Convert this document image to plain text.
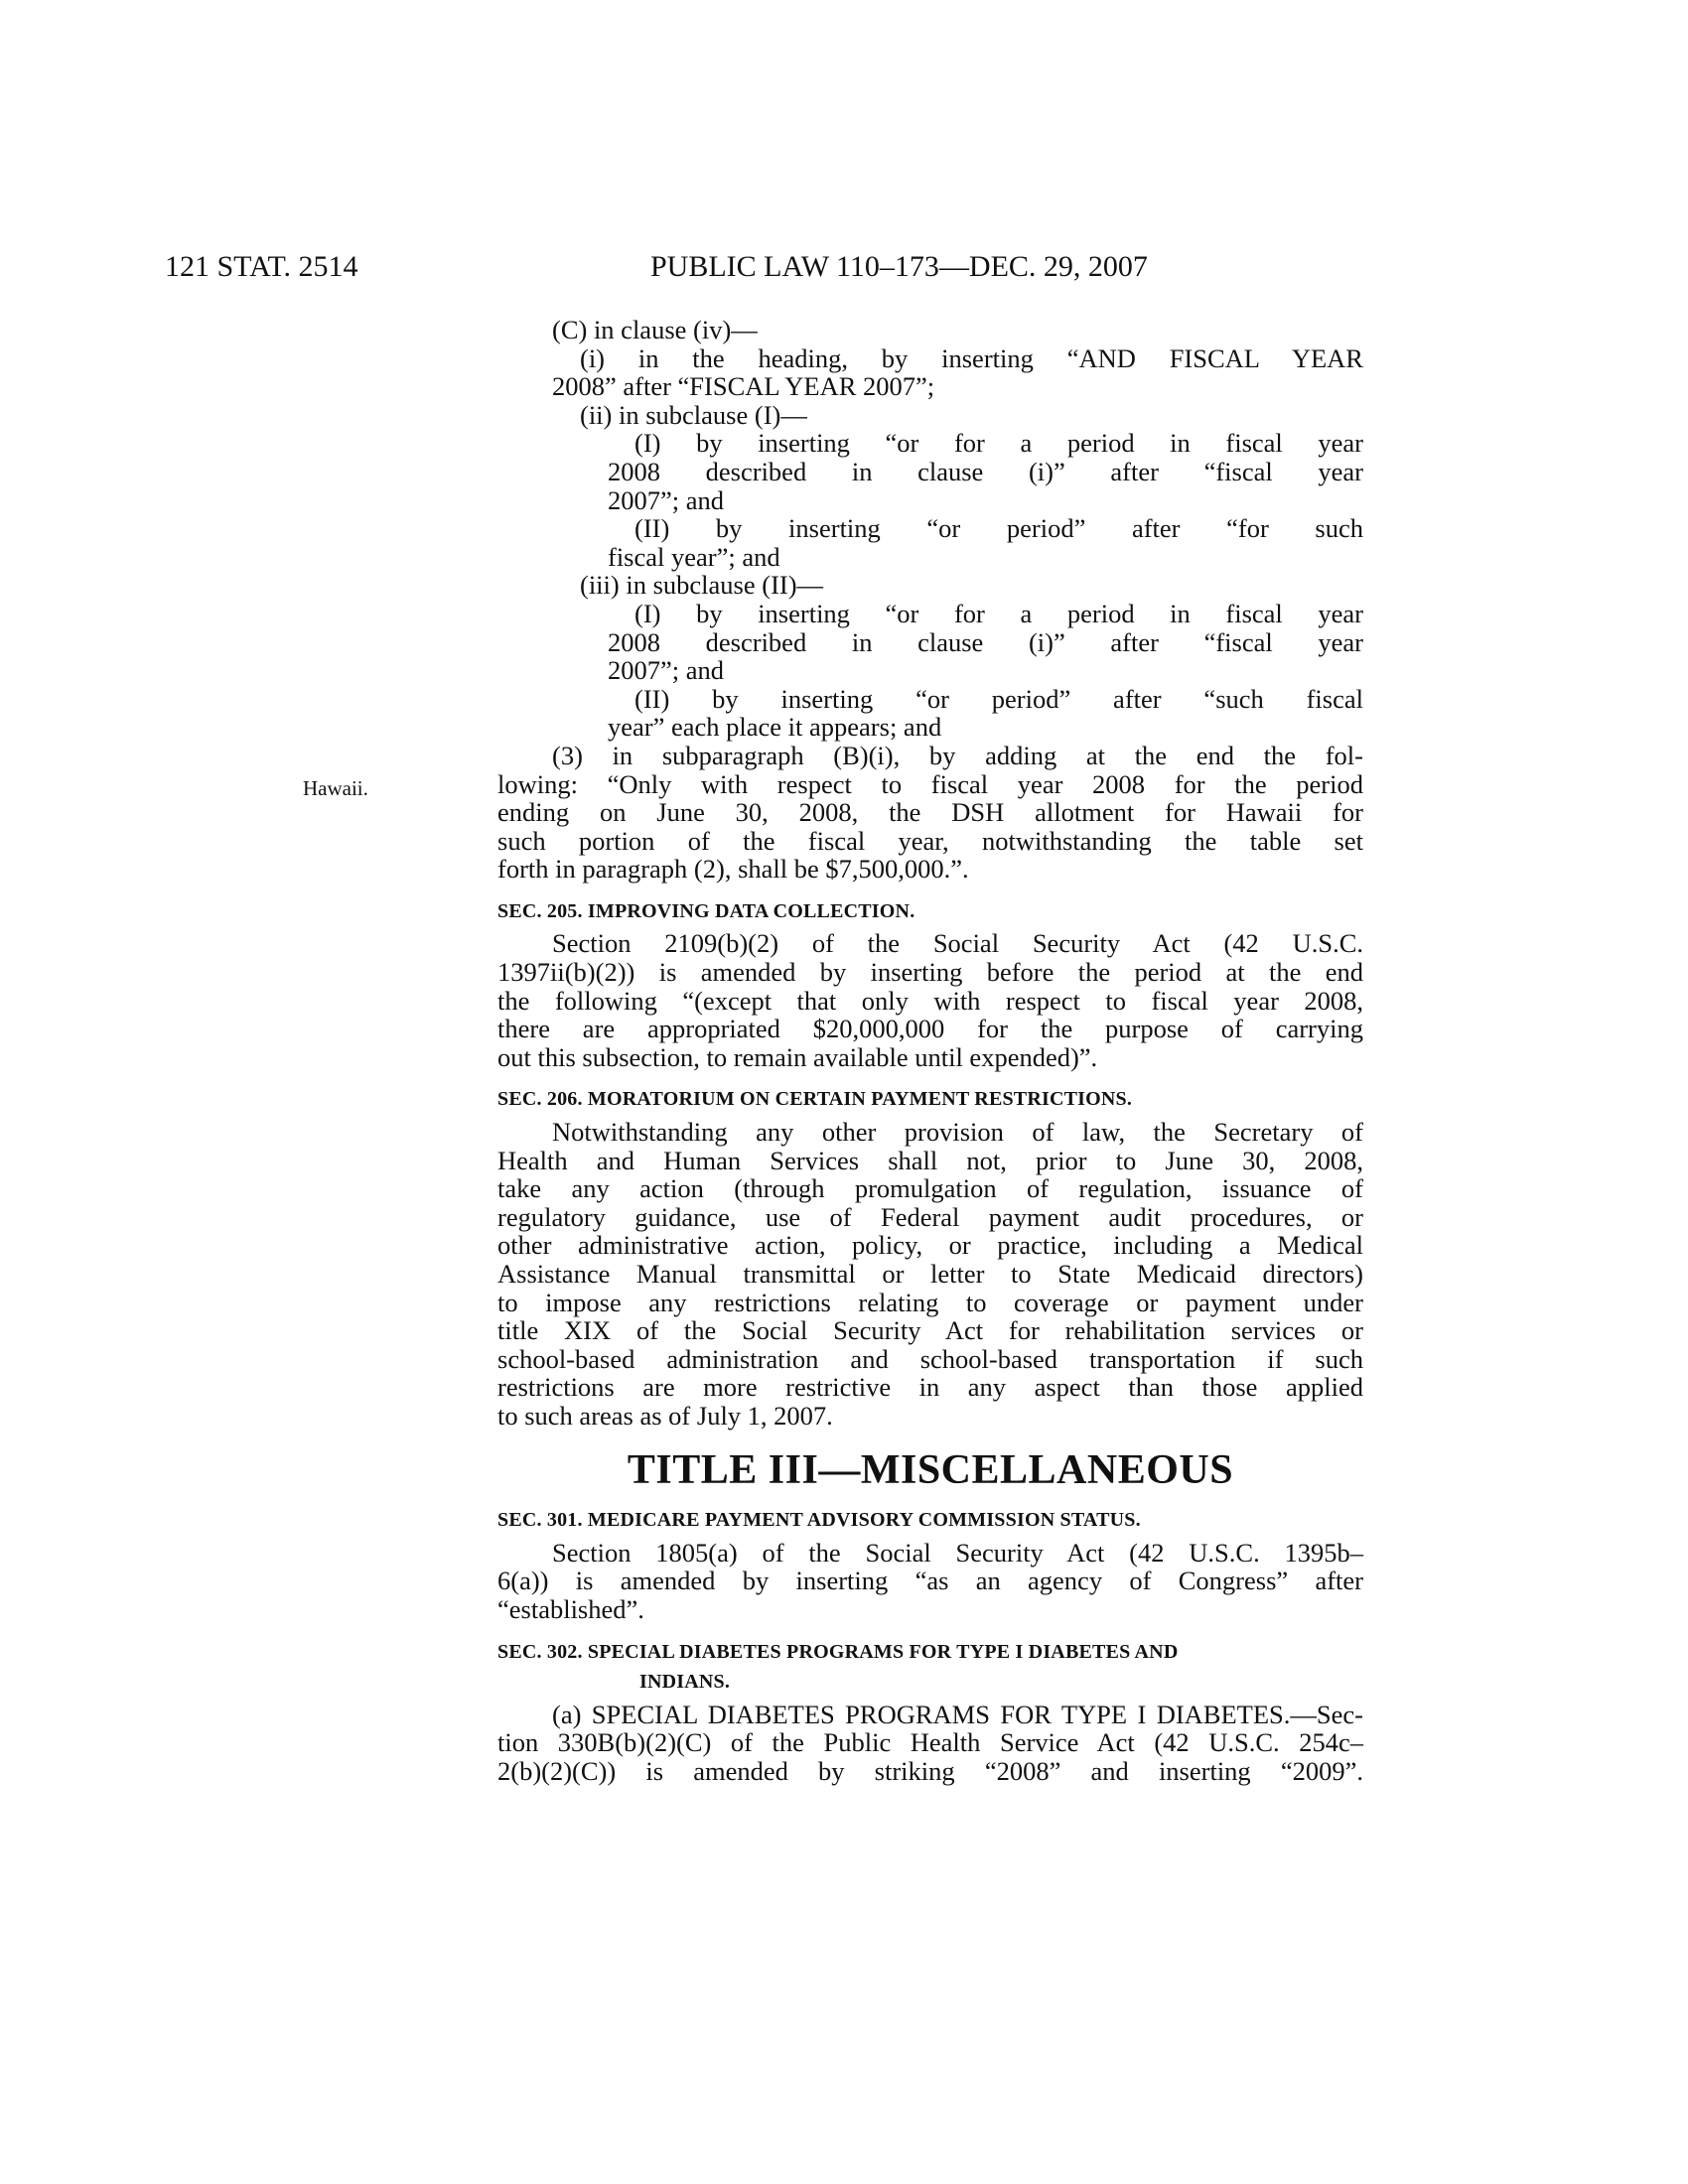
121 STAT. 2514	PUBLIC LAW 110–173—DEC. 29, 2007
Hawaii.
(C) in clause (iv)—
(i) in the heading, by inserting “AND FISCAL YEAR
2008” after “FISCAL YEAR 2007”;
(ii) in subclause (I)—
(I) by inserting “or for a period in fiscal year
2008 described in clause (i)” after “fiscal year
2007”; and
(II) by inserting “or period” after “for such
fiscal year”; and
(iii) in subclause (II)—
(I) by inserting “or for a period in fiscal year
2008 described in clause (i)” after “fiscal year
2007”; and
(II) by inserting “or period” after “such fiscal
year” each place it appears; and
(3) in subparagraph (B)(i), by adding at the end the fol-
lowing: “Only with respect to fiscal year 2008 for the period
ending on June 30, 2008, the DSH allotment for Hawaii for
such portion of the fiscal year, notwithstanding the table set
forth in paragraph (2), shall be $7,500,000.”.
SEC. 205. IMPROVING DATA COLLECTION.
Section 2109(b)(2) of the Social Security Act (42 U.S.C.
1397ii(b)(2)) is amended by inserting before the period at the end
the following “(except that only with respect to fiscal year 2008,
there are appropriated $20,000,000 for the purpose of carrying
out this subsection, to remain available until expended)”.
SEC. 206. MORATORIUM ON CERTAIN PAYMENT RESTRICTIONS.
Notwithstanding any other provision of law, the Secretary of
Health and Human Services shall not, prior to June 30, 2008,
take any action (through promulgation of regulation, issuance of
regulatory guidance, use of Federal payment audit procedures, or
other administrative action, policy, or practice, including a Medical
Assistance Manual transmittal or letter to State Medicaid directors)
to impose any restrictions relating to coverage or payment under
title XIX of the Social Security Act for rehabilitation services or
school-based administration and school-based transportation if such
restrictions are more restrictive in any aspect than those applied
to such areas as of July 1, 2007.
TITLE III—MISCELLANEOUS
SEC. 301. MEDICARE PAYMENT ADVISORY COMMISSION STATUS.
Section 1805(a) of the Social Security Act (42 U.S.C. 1395b–
6(a)) is amended by inserting “as an agency of Congress” after
“established”.
SEC. 302. SPECIAL DIABETES PROGRAMS FOR TYPE I DIABETES AND
INDIANS.
(a) SPECIAL DIABETES PROGRAMS FOR TYPE I DIABETES.—Sec-
tion 330B(b)(2)(C) of the Public Health Service Act (42 U.S.C. 254c–
2(b)(2)(C)) is amended by striking “2008” and inserting “2009”.
